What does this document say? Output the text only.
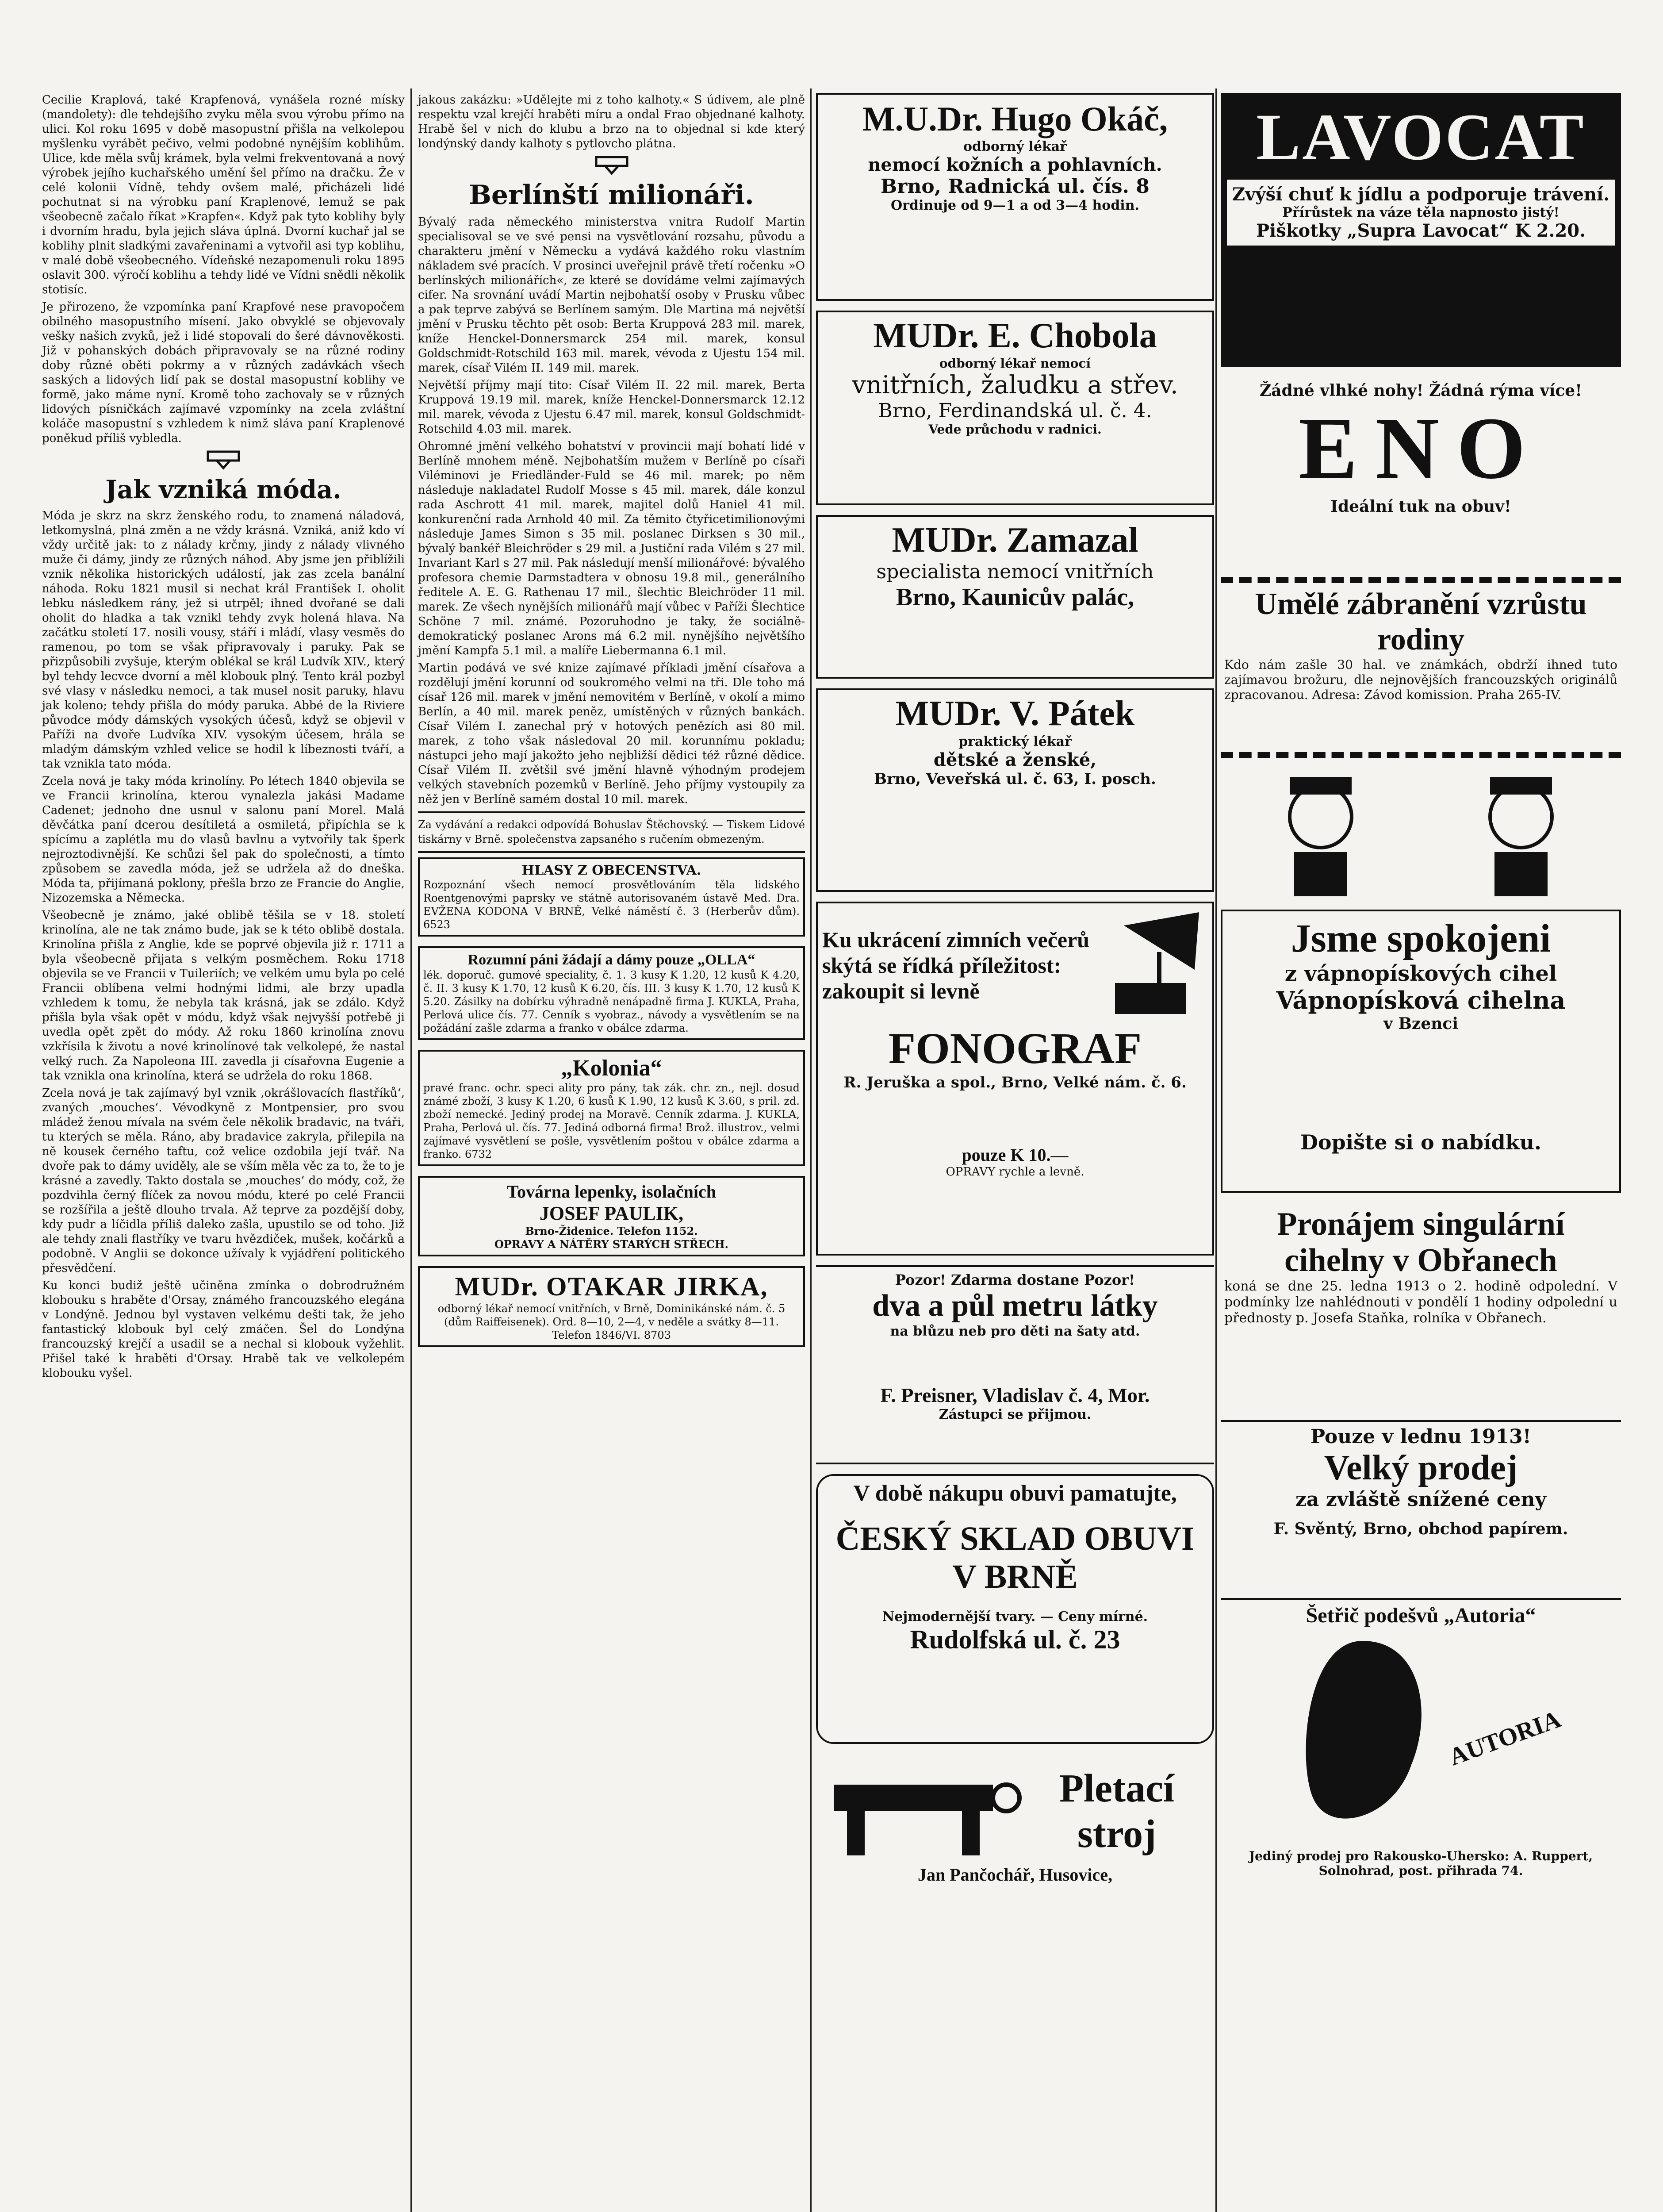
Cecilie Kraplová, také Krapfenová, vynášela rozné mísky (mandolety): dle tehdejšího zvyku měla svou výrobu přímo na ulici. Kol roku 1695 v době masopustní přišla na velkolepou myšlenku vyrábět pečivo, velmi podobné nynějším koblihům. Ulice, kde měla svůj krámek, byla velmi frekventovaná a nový výrobek jejího kuchařského umění šel přímo na dračku. Že v celé kolonii Vídně, tehdy ovšem malé, přicházeli lidé pochutnat si na výrobku paní Kraplenové, lemuž se pak všeobecně začalo říkat »Krapfen«. Když pak tyto koblihy byly i dvorním hradu, byla jejich sláva úplná. Dvorní kuchař jal se koblihy plnit sladkými zavařeninami a vytvořil asi typ koblihu, v malé době všeobecného. Vídeňské nezapomenuli roku 1895 oslavit 300. výročí koblihu a tehdy lidé ve Vídni snědli několik stotisíc.

Je přirozeno, že vzpomínka paní Krapfové nese pravopočem obilného masopustního mísení. Jako obvyklé se objevovaly vešky našich zvyků, jež i lidé stopovali do šeré dávnověkosti. Již v pohanských dobách připravovaly se na různé rodiny doby různé oběti pokrmy a v různých zadávkách všech saských a lidových lidí pak se dostal masopustní koblihy ve formě, jako máme nyní. Kromě toho zachovaly se v různých lidových písničkách zajímavé vzpomínky na zcela zvláštní koláče masopustní s vzhledem k nimž sláva paní Kraplenové poněkud příliš vybledla.

Jak vzniká móda.

Móda je skrz na skrz ženského rodu, to znamená náladová, letkomyslná, plná změn a ne vždy krásná. Vzniká, aniž kdo ví vždy určitě jak: to z nálady krčmy, jindy z nálady vlivného muže či dámy, jindy ze různých náhod. Aby jsme jen přiblížili vznik několika historických událostí, jak zas zcela banální náhoda. Roku 1821 musil si nechat král František I. oholit lebku následkem rány, jež si utrpěl; ihned dvořané se dali oholit do hladka a tak vznikl tehdy zvyk holená hlava. Na začátku století 17. nosili vousy, stáří i mládí, vlasy vesměs do ramenou, po tom se však připravovaly i paruky. Pak se přizpůsobili zvyšuje, kterým oblékal se král Ludvík XIV., který byl tehdy lecvce dvorní a měl klobouk plný. Tento král pozbyl své vlasy v následku nemoci, a tak musel nosit paruky, hlavu jak koleno; tehdy přišla do módy paruka. Abbé de la Riviere původce módy dámských vysokých účesů, když se objevil v Paříži na dvoře Ludvíka XIV. vysokým účesem, hrála se mladým dámským vzhled velice se hodil k líbeznosti tváří, a tak vznikla tato móda.

Zcela nová je taky móda krinolíny. Po létech 1840 objevila se ve Francii krinolína, kterou vynalezla jakási Madame Cadenet; jednoho dne usnul v salonu paní Morel. Malá děvčátka paní dcerou desítiletá a osmiletá, připíchla se k spícímu a zaplétla mu do vlasů bavlnu a vytvořily tak šperk nejroztodivnější. Ke schůzi šel pak do společnosti, a tímto způsobem se zavedla móda, jež se udržela až do dneška. Móda ta, přijímaná poklony, přešla brzo ze Francie do Anglie, Nizozemska a Německa.

Všeobecně je známo, jaké oblibě těšila se v 18. století krinolína, ale ne tak známo bude, jak se k této oblibě dostala. Krinolína přišla z Anglie, kde se poprvé objevila již r. 1711 a byla všeobecně přijata s velkým posměchem. Roku 1718 objevila se ve Francii v Tuileriích; ve velkém umu byla po celé Francii oblíbena velmi hodnými lidmi, ale brzy upadla vzhledem k tomu, že nebyla tak krásná, jak se zdálo. Když přišla byla však opět v módu, když však nejvyšší potřebě ji uvedla opět zpět do módy. Až roku 1860 krinolína znovu vzkřísila k životu a nové krinolínové tak velkolepé, že nastal velký ruch. Za Napoleona III. zavedla ji císařovna Eugenie a tak vznikla ona krinolína, která se udržela do roku 1868.

Zcela nová je tak zajímavý byl vznik ‚okrášlovacích flastříků‘, zvaných ‚mouches‘. Vévodkyně z Montpensier, pro svou mládež ženou mívala na svém čele několik bradavic, na tváři, tu kterých se měla. Ráno, aby bradavice zakryla, přilepila na ně kousek černého taftu, což velice ozdobila její tvář. Na dvoře pak to dámy uviděly, ale se vším měla věc za to, že to je krásné a zavedly. Takto dostala se ‚mouches‘ do módy, což, že pozdvihla černý flíček za novou módu, které po celé Francii se rozšířila a ještě dlouho trvala. Až teprve za pozdější doby, kdy pudr a líčidla příliš daleko zašla, upustilo se od toho. Již ale tehdy znali flastříky ve tvaru hvězdiček, mušek, kočárků a podobně. V Anglii se dokonce užívaly k vyjádření politického přesvědčení.

Ku konci budiž ještě učiněna zmínka o dobrodružném klobouku s hraběte d'Orsay, známého francouzského elegána v Londýně. Jednou byl vystaven velkému dešti tak, že jeho fantastický klobouk byl celý zmáčen. Šel do Londýna francouzský krejčí a usadil se a nechal si klobouk vyžehlit. Přišel také k hraběti d'Orsay. Hrabě tak ve velkolepém klobouku vyšel.

jakous zakázku: »Udělejte mi z toho kalhoty.« S údivem, ale plně respektu vzal krejčí hraběti míru a ondal Frao objednané kalhoty. Hrabě šel v nich do klubu a brzo na to objednal si kde který londýnský dandy kalhoty s pytlovcho plátna.

Berlínští milionáři.

Bývalý rada německého ministerstva vnitra Rudolf Martin specialisoval se ve své pensi na vysvětlování rozsahu, původu a charakteru jmění v Německu a vydává každého roku vlastním nákladem své pracích. V prosinci uveřejnil právě třetí ročenku »O berlínských milionářích«, ze které se dovídáme velmi zajímavých cifer. Na srovnání uvádí Martin nejbohatší osoby v Prusku vůbec a pak teprve zabývá se Berlínem samým. Dle Martina má největší jmění v Prusku těchto pět osob: Berta Kruppová 283 mil. marek, kníže Henckel-Donnersmarck 254 mil. marek, konsul Goldschmidt-Rotschild 163 mil. marek, vévoda z Ujestu 154 mil. marek, císař Vilém II. 149 mil. marek.

Největší příjmy mají tito: Císař Vilém II. 22 mil. marek, Berta Kruppová 19.19 mil. marek, kníže Henckel-Donnersmarck 12.12 mil. marek, vévoda z Ujestu 6.47 mil. marek, konsul Goldschmidt-Rotschild 4.03 mil. marek.

Ohromné jmění velkého bohatství v provincii mají bohatí lidé v Berlíně mnohem méně. Nejbohatším mužem v Berlíně po císaři Viléminovi je Friedländer-Fuld se 46 mil. marek; po něm následuje nakladatel Rudolf Mosse s 45 mil. marek, dále konzul rada Aschrott 41 mil. marek, majitel dolů Haniel 41 mil. konkurenční rada Arnhold 40 mil. Za těmito čtyřicetimilionovými následuje James Simon s 35 mil. poslanec Dirksen s 30 mil., bývalý bankéř Bleichröder s 29 mil. a Justiční rada Vilém s 27 mil. Invariant Karl s 27 mil. Pak následují menší milionářové: bývalého profesora chemie Darmstadtera v obnosu 19.8 mil., generálního ředitele A. E. G. Rathenau 17 mil., šlechtic Bleichröder 11 mil. marek. Ze všech nynějších milionářů mají vůbec v Paříži Šlechtice Schöne 7 mil. známé. Pozoruhodno je taky, že sociálně-demokratický poslanec Arons má 6.2 mil. nynějšího největšího jmění Kampfa 5.1 mil. a malíře Liebermanna 6.1 mil.

Martin podává ve své knize zajímavé příkladi jmění císařova a rozdělují jmění korunní od soukromého velmi na tři. Dle toho má císař 126 mil. marek v jmění nemovitém v Berlíně, v okolí a mimo Berlín, a 40 mil. marek peněz, umístěných v různých bankách. Císař Vilém I. zanechal prý v hotových penězích asi 80 mil. marek, z toho však následoval 20 mil. korunnímu pokladu; nástupci jeho mají jakožto jeho nejbližší dědici též různé dědice. Císař Vilém II. zvětšil své jmění hlavně výhodným prodejem velkých stavebních pozemků v Berlíně. Jeho příjmy vystoupily za něž jen v Berlíně samém dostal 10 mil. marek.

Za vydávání a redakci odpovídá Bohuslav Štěchovský. — Tiskem Lidové tiskárny v Brně. společenstva zapsaného s ručením obmezeným.

HLASY Z OBECENSTVA.
Rozpoznání všech nemocí prosvětlováním těla lidského Roentgenovými paprsky ve státně autorisovaném ústavě Med. Dra. EVŽENA KODONA V BRNĚ, Velké náměstí č. 3 (Herberův dům). 6523
Rozumní páni žádají a dámy pouze „OLLA“
lék. doporuč. gumové speciality, č. 1. 3 kusy K 1.20, 12 kusů K 4.20, č. II. 3 kusy K 1.70, 12 kusů K 6.20, čís. III. 3 kusy K 1.70, 12 kusů K 5.20. Zásilky na dobírku výhradně nenápadně firma J. KUKLA, Praha, Perlová ulice čís. 77. Cenník s vyobraz., návody a vysvětlením se na požádání zašle zdarma a franko v obálce zdarma.
„Kolonia“
pravé franc. ochr. speci ality pro pány, tak zák. chr. zn., nejl. dosud známé zboží, 3 kusy K 1.20, 6 kusů K 1.90, 12 kusů K 3.60, s pril. zd. zboží nemecké. Jediný prodej na Moravě. Cenník zdarma. J. KUKLA, Praha, Perlová ul. čís. 77. Jediná odborná firma! Brož. illustrov., velmi zajímavé vysvětlení se pošle, vysvětlením poštou v obálce zdarma a franko. 6732
Továrna lepenky, isolačních
JOSEF PAULIK,
Brno-Židenice. Telefon 1152.
OPRAVY A NÁTĚRY STARÝCH STŘECH.
MUDr. OTAKAR JIRKA,
odborný lékař nemocí vnitřních, v Brně, Dominikánské nám. č. 5 (dům Raiffeisenek). Ord. 8—10, 2—4, v neděle a svátky 8—11. Telefon 1846/VI. 8703
M.U.Dr. Hugo Okáč,
odborný lékař
nemocí kožních a pohlavních.
Brno, Radnická ul. čís. 8
Ordinuje od 9—1 a od 3—4 hodin.
MUDr. E. Chobola
odborný lékař nemocí
vnitřních, žaludku a střev.
Brno, Ferdinandská ul. č. 4.
Vede průchodu v radnici.
MUDr. Zamazal
specialista nemocí vnitřních
Brno, Kaunicův palác,
MUDr. V. Pátek
praktický lékař
dětské a ženské,
Brno, Veveřská ul. č. 63, I. posch.
Ku ukrácení zimních večerů skýtá se řídká příležitost: zakoupit si levně
FONOGRAF
R. Jeruška a spol., Brno, Velké nám. č. 6.
pouze K 10.—
OPRAVY rychle a levně.
Pozor! Zdarma dostane Pozor!
dva a půl metru látky
na blůzu neb pro děti na šaty atd.
F. Preisner, Vladislav č. 4, Mor.
Zástupci se přijmou.
V době nákupu obuvi pamatujte,
ČESKÝ SKLAD OBUVI V BRNĚ
Nejmodernější tvary. — Ceny mírné.
Rudolfská ul. č. 23
Pletací stroj
Jan Pančochář, Husovice,
LAVOCAT
Zvýší chuť k jídlu a podporuje trávení.
Přírůstek na váze těla napnosto jistý!
Piškotky „Supra Lavocat“ K 2.20.
Žádné vlhké nohy! Žádná rýma více!
ENO
Ideální tuk na obuv!
Umělé zábranění vzrůstu rodiny
Kdo nám zašle 30 hal. ve známkách, obdrží ihned tuto zajímavou brožuru, dle nejnovějších francouzských originálů zpracovanou. Adresa: Závod komission. Praha 265-IV.
Jsme spokojeni
z vápnopískových cihel
Vápnopísková cihelna
v Bzenci
Dopište si o nabídku.
Pronájem singulární cihelny v Obřanech
koná se dne 25. ledna 1913 o 2. hodině odpolední. V podmínky lze nahlédnouti v pondělí 1 hodiny odpolední u přednosty p. Josefa Staňka, rolníka v Obřanech.
Pouze v lednu 1913!
Velký prodej
za zvláště snížené ceny
F. Svěntý, Brno, obchod papírem.
Šetřič podešvů „Autoria“
AUTORIA
Jediný prodej pro Rakousko-Uhersko: A. Ruppert, Solnohrad, post. přihrada 74.
